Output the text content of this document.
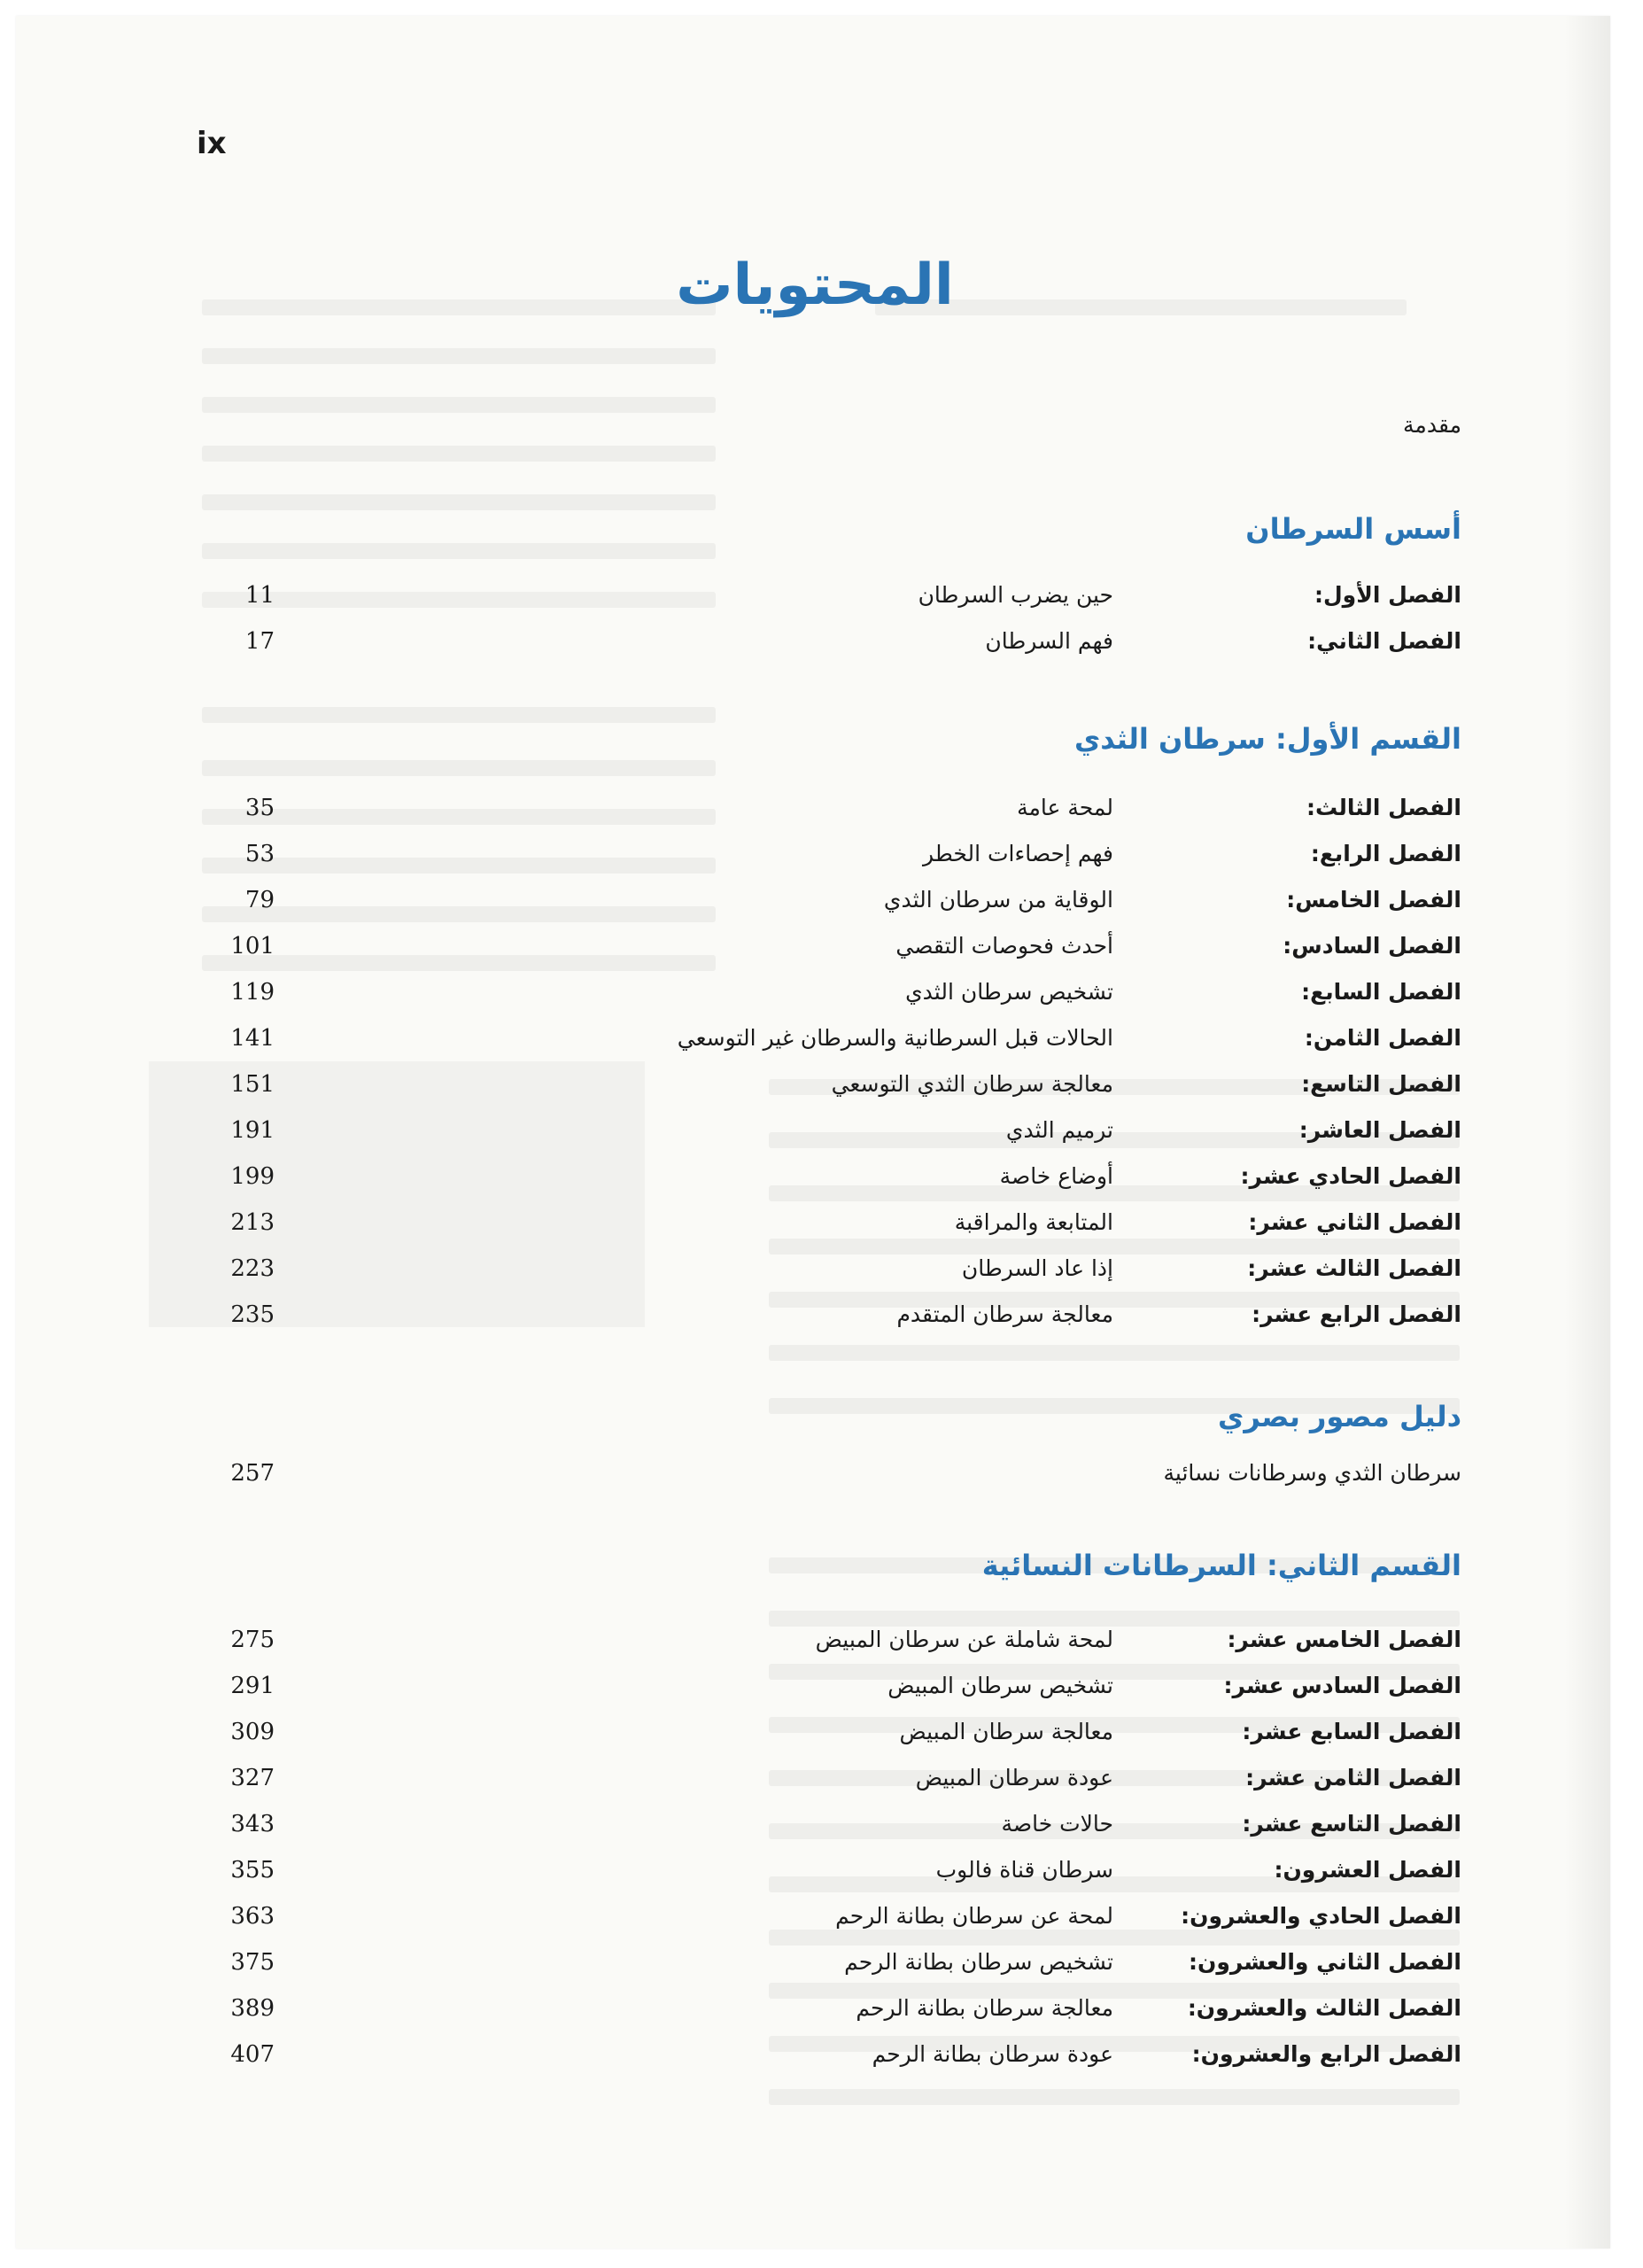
ix
المحتويات
مقدمة
أسس السرطان
الفصل الأول:
حين يضرب السرطان
11
الفصل الثاني:
فهم السرطان
17
القسم الأول: سرطان الثدي
الفصل الثالث:
لمحة عامة
35
الفصل الرابع:
فهم إحصاءات الخطر
53
الفصل الخامس:
الوقاية من سرطان الثدي
79
الفصل السادس:
أحدث فحوصات التقصي
101
الفصل السابع:
تشخيص سرطان الثدي
119
الفصل الثامن:
الحالات قبل السرطانية والسرطان غير التوسعي
141
الفصل التاسع:
معالجة سرطان الثدي التوسعي
151
الفصل العاشر:
ترميم الثدي
191
الفصل الحادي عشر:
أوضاع خاصة
199
الفصل الثاني عشر:
المتابعة والمراقبة
213
الفصل الثالث عشر:
إذا عاد السرطان
223
الفصل الرابع عشر:
معالجة سرطان المتقدم
235
دليل مصور بصري
سرطان الثدي وسرطانات نسائية
257
القسم الثاني: السرطانات النسائية
الفصل الخامس عشر:
لمحة شاملة عن سرطان المبيض
275
الفصل السادس عشر:
تشخيص سرطان المبيض
291
الفصل السابع عشر:
معالجة سرطان المبيض
309
الفصل الثامن عشر:
عودة سرطان المبيض
327
الفصل التاسع عشر:
حالات خاصة
343
الفصل العشرون:
سرطان قناة فالوب
355
الفصل الحادي والعشرون:
لمحة عن سرطان بطانة الرحم
363
الفصل الثاني والعشرون:
تشخيص سرطان بطانة الرحم
375
الفصل الثالث والعشرون:
معالجة سرطان بطانة الرحم
389
الفصل الرابع والعشرون:
عودة سرطان بطانة الرحم
407
